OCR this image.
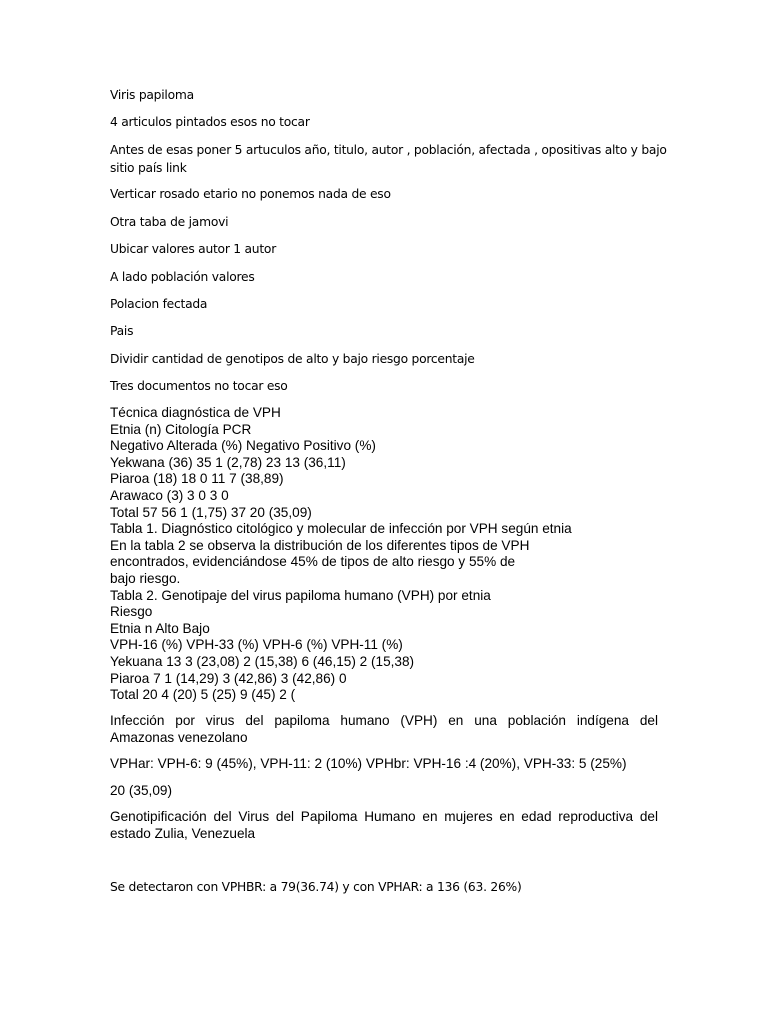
Viris papiloma

4 articulos pintados esos no tocar

Antes de esas poner 5 artuculos año, titulo, autor , población, afectada , opositivas alto y bajo

sitio país link

Verticar rosado etario no ponemos nada de eso

Otra taba de jamovi

Ubicar valores autor 1 autor

A lado población valores

Polacion fectada

Pais

Dividir cantidad de genotipos de alto y bajo riesgo porcentaje

Tres documentos no tocar eso

Técnica diagnóstica de VPH
Etnia (n) Citología PCR
Negativo Alterada (%) Negativo Positivo (%)
Yekwana (36) 35 1 (2,78) 23 13 (36,11)
Piaroa (18) 18 0 11 7 (38,89)
Arawaco (3) 3 0 3 0
Total 57 56 1 (1,75) 37 20 (35,09)
Tabla 1. Diagnóstico citológico y molecular de infección por VPH según etnia
En la tabla 2 se observa la distribución de los diferentes tipos de VPH
encontrados, evidenciándose 45% de tipos de alto riesgo y 55% de
bajo riesgo.
Tabla 2. Genotipaje del virus papiloma humano (VPH) por etnia
Riesgo
Etnia n Alto Bajo
VPH-16 (%) VPH-33 (%) VPH-6 (%) VPH-11 (%)
Yekuana 13 3 (23,08) 2 (15,38) 6 (46,15) 2 (15,38)
Piaroa 7 1 (14,29) 3 (42,86) 3 (42,86) 0
Total 20 4 (20) 5 (25) 9 (45) 2 (
Infección por virus del papiloma humano (VPH) en una población indígena del
Amazonas venezolano

VPHar: VPH-6: 9 (45%), VPH-11: 2 (10%) VPHbr: VPH-16 :4 (20%), VPH-33: 5 (25%)

20 (35,09)

Genotipificación del Virus del Papiloma Humano en mujeres en edad reproductiva del
estado Zulia, Venezuela

Se detectaron con VPHBR: a 79(36.74) y con VPHAR: a 136 (63. 26%)
